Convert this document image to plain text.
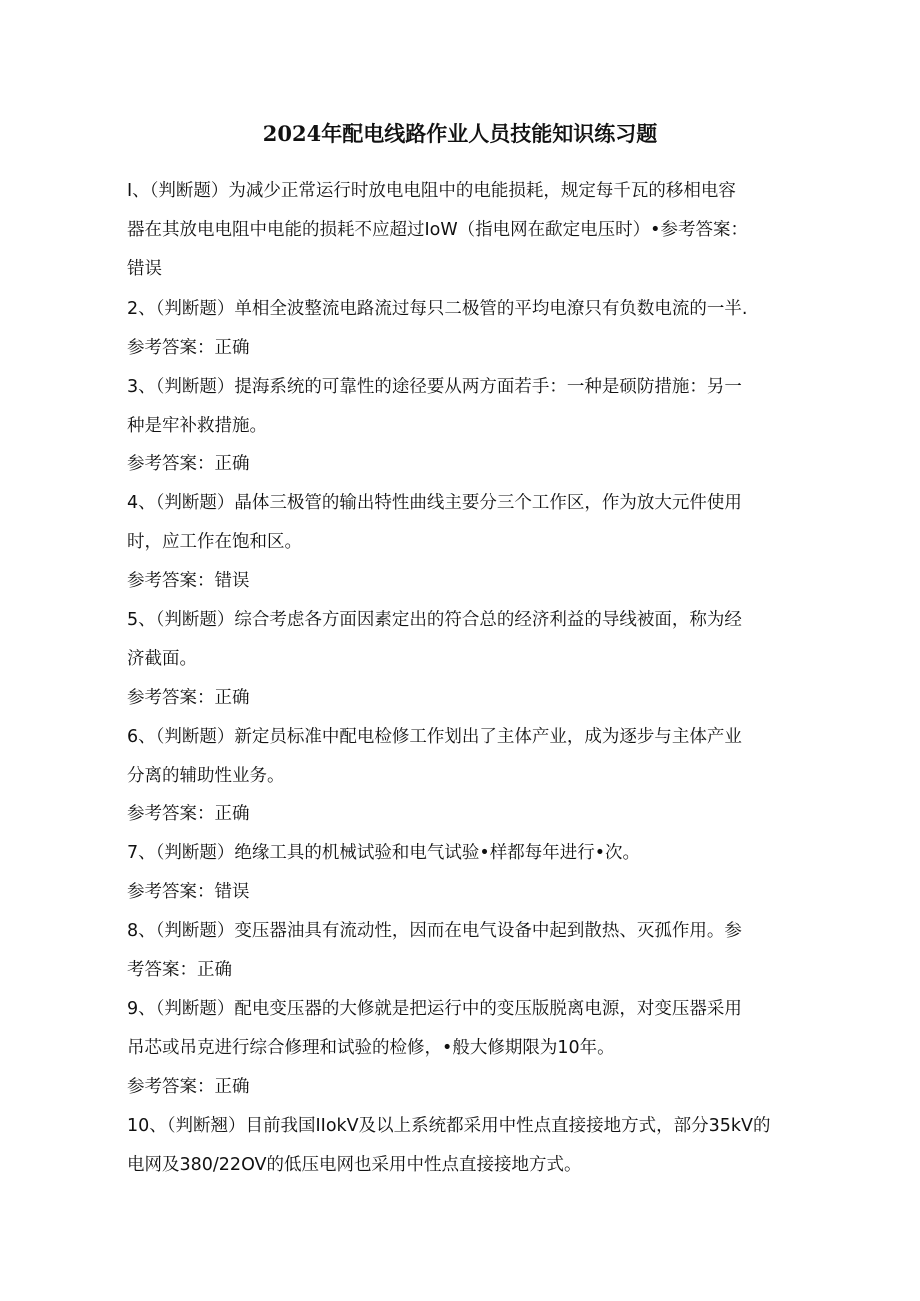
2024年配电线路作业人员技能知识练习题
I、（判断题）为减少正常运行时放电电阻中的电能损耗，规定每千瓦的移相电容
器在其放电电阻中电能的损耗不应超过IoW（指电网在歃定电压时）•参考答案：
错误
2、（判断题）单相全波整流电路流过每只二极管的平均电潦只有负数电流的一半.
参考答案：正确
3、（判断题）提海系统的可靠性的途径要从两方面若手：一种是硕防措施：另一
种是牢补救措施。
参考答案：正确
4、（判断题）晶体三极管的输出特性曲线主要分三个工作区，作为放大元件使用
时，应工作在饱和区。
参考答案：错误
5、（判断题）综合考虑各方面因素定出的符合总的经济利益的导线被面，称为经
济截面。
参考答案：正确
6、（判断题）新定员标准中配电检修工作划出了主体产业，成为逐步与主体产业
分离的辅助性业务。
参考答案：正确
7、（判断题）绝缘工具的机械试验和电气试验•样都每年进行•次。
参考答案：错误
8、（判断题）变压器油具有流动性，因而在电气设备中起到散热、灭孤作用。参
考答案：正确
9、（判断题）配电变压器的大修就是把运行中的变压版脱离电源，对变压器采用
吊芯或吊克进行综合修理和试验的检修，•般大修期限为10年。
参考答案：正确
10、（判断翘）目前我国IIokV及以上系统都采用中性点直接接地方式，部分35kV的
电网及380/22OV的低压电网也采用中性点直接接地方式。
